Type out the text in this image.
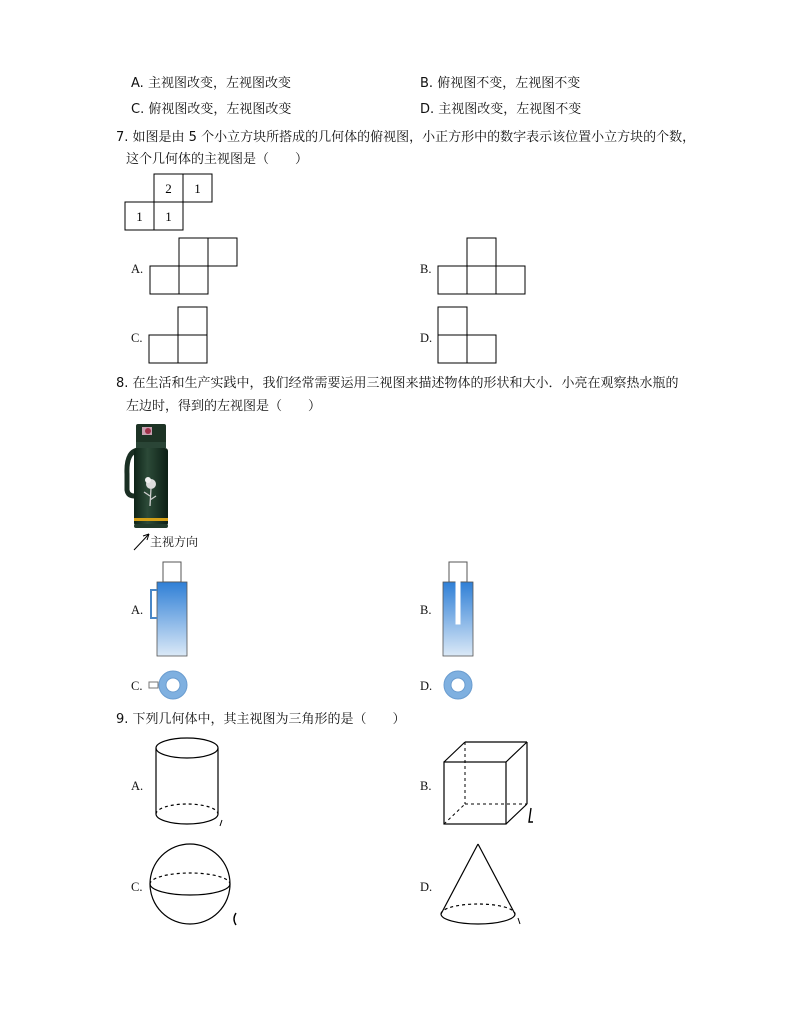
A. 主视图改变，左视图改变	B. 俯视图不变，左视图不变
C. 俯视图改变，左视图改变	D. 主视图改变，左视图不变
7. 如图是由 5 个小立方块所搭成的几何体的俯视图，小正方形中的数字表示该位置小立方块的个数，
这个几何体的主视图是（　　）
2 1
1 1
A.	B.
C.	D.
8. 在生活和生产实践中，我们经常需要运用三视图来描述物体的形状和大小．小亮在观察热水瓶的
左边时，得到的左视图是（　　）
主视方向
A.	B.
C.	D.
9. 下列几何体中，其主视图为三角形的是（　　）
A.	B.
C.	D.
